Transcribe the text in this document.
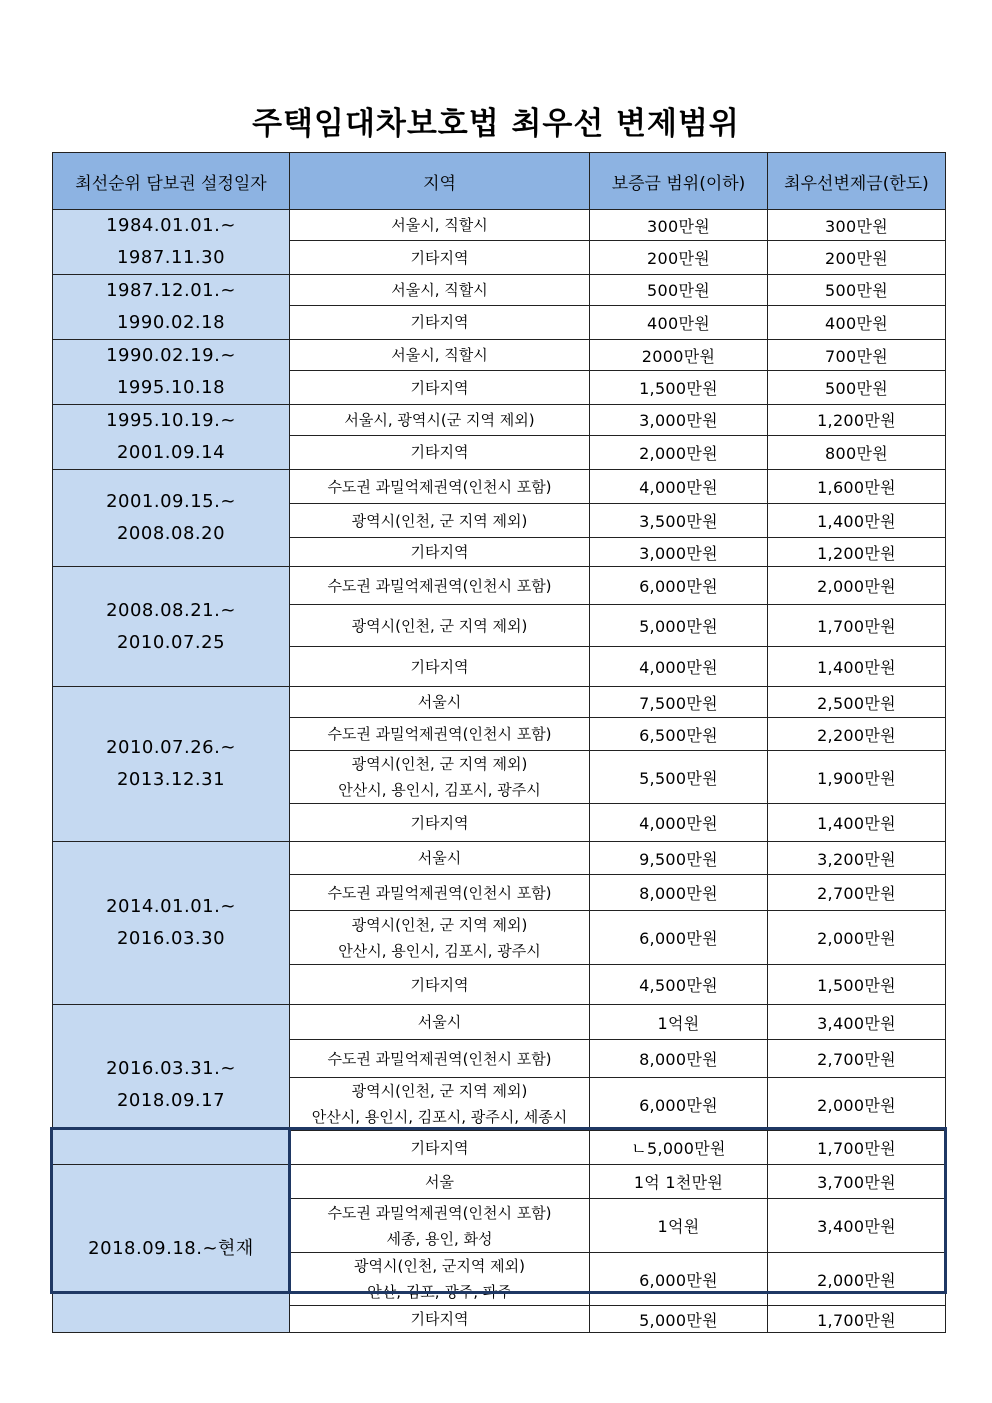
주택임대차보호법 최우선 변제범위
최선순위 담보권 설정일자	지역	보증금 범위(이하)	최우선변제금(한도)

1984.01.01.~
1987.11.30	서울시, 직할시	300만원	300만원

	기타지역	200만원	200만원

1987.12.01.~
1990.02.18	서울시, 직할시	500만원	500만원

	기타지역	400만원	400만원

1990.02.19.~
1995.10.18	서울시, 직할시	2000만원	700만원

	기타지역	1,500만원	500만원

1995.10.19.~
2001.09.14	서울시, 광역시(군 지역 제외)	3,000만원	1,200만원

	기타지역	2,000만원	800만원

2001.09.15.~
2008.08.20	수도권 과밀억제권역(인천시 포함)	4,000만원	1,600만원

	광역시(인천, 군 지역 제외)	3,500만원	1,400만원

	기타지역	3,000만원	1,200만원

2008.08.21.~
2010.07.25	수도권 과밀억제권역(인천시 포함)	6,000만원	2,000만원

	광역시(인천, 군 지역 제외)	5,000만원	1,700만원

	기타지역	4,000만원	1,400만원

2010.07.26.~
2013.12.31	서울시	7,500만원	2,500만원

	수도권 과밀억제권역(인천시 포함)	6,500만원	2,200만원

	광역시(인천, 군 지역 제외)
안산시, 용인시, 김포시, 광주시	5,500만원	1,900만원

	기타지역	4,000만원	1,400만원

2014.01.01.~
2016.03.30	서울시	9,500만원	3,200만원

	수도권 과밀억제권역(인천시 포함)	8,000만원	2,700만원

	광역시(인천, 군 지역 제외)
안산시, 용인시, 김포시, 광주시	6,000만원	2,000만원

	기타지역	4,500만원	1,500만원

2016.03.31.~
2018.09.17	서울시	1억원	3,400만원

	수도권 과밀억제권역(인천시 포함)	8,000만원	2,700만원

	광역시(인천, 군 지역 제외)
안산시, 용인시, 김포시, 광주시, 세종시	6,000만원	2,000만원

	기타지역	ㄴ5,000만원	1,700만원

2018.09.18.~현재	서울	1억 1천만원	3,700만원

	수도권 과밀억제권역(인천시 포함)
세종, 용인, 화성	1억원	3,400만원

	광역시(인천, 군지역 제외)
안산, 김포, 광주, 파주	6,000만원	2,000만원

	기타지역	5,000만원	1,700만원
